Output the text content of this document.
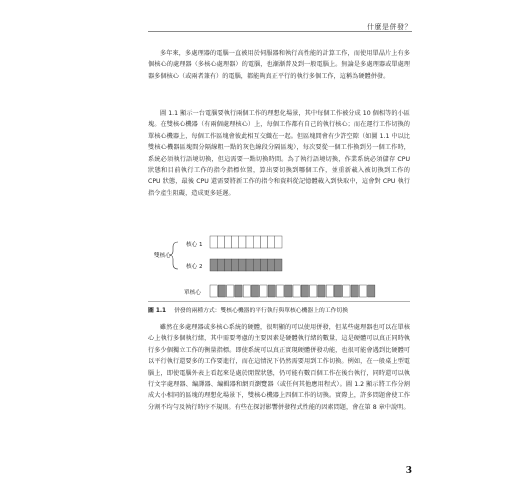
什麼是併發？

多年來，多處理器的電腦一直被用於伺服器和執行高性能的計算工作，而使用單晶片上有多個核心的處理器（多核心處理器）的電腦，也漸漸普及到一般電腦上。無論是多處理器或單處理器多個核心（或兩者兼有）的電腦，都能夠真正平行的執行多個工作，這稱為硬體併發。

圖 1.1 顯示一台電腦要執行兩個工作的理想化場景，其中每個工作被分成 10 個相等的小區塊。在雙核心機器（有兩個處理核心）上，每個工作都有自己的執行核心；而在運行工作切換的單核心機器上，每個工作區塊會彼此相互交織在一起。但區塊間會有少許空隙（如圖 1.1 中以比雙核心機器區塊間分隔線粗一點的灰色線段分隔區塊），每次要從一個工作換到另一個工作時，系統必須執行語境切換，但這需要一點切換時間。為了執行語境切換，作業系統必須儲存 CPU 狀態和目前執行工作的指令指標位置，算出要切換到哪個工作，並重新載入被切換到工作的 CPU 狀態，最後 CPU 還需要將新工作的指令和資料從記憶體載入到快取中，這會對 CPU 執行指令產生阻礙，造成更多延遲。

雙核心
核心 1
核心 2
單核心
圖 1.1 併發的兩種方式：雙核心機器的平行執行與單核心機器上的工作切換

雖然在多處理器或多核心系統的硬體，很明顯的可以使用併發，但某些處理器也可以在單核心上執行多個執行緒，其中需要考慮的主要因素是硬體執行緒的數量，這是硬體可以真正同時執行多少個獨立工作的衡量指標。即使系統可以真正實現硬體併發功能，也很可能會遇到比硬體可以平行執行還要多的工作要進行，而在這情況下仍然需要用到工作切換。例如，在一般桌上型電腦上，即使電腦外表上看起來是處於閒置狀態，仍可能有數百個工作在後台執行，同時還可以執行文字處理器、編譯器、編輯器和網頁瀏覽器（或任何其他應用程式）。圖 1.2 顯示將工作分割成大小相同的區塊的理想化場景下，雙核心機器上四個工作的切換。實際上，許多問題會使工作分割不均勻及執行時序不規則。有些在探討影響併發程式性能的因素問題，會在第 8 章中說明。

3
